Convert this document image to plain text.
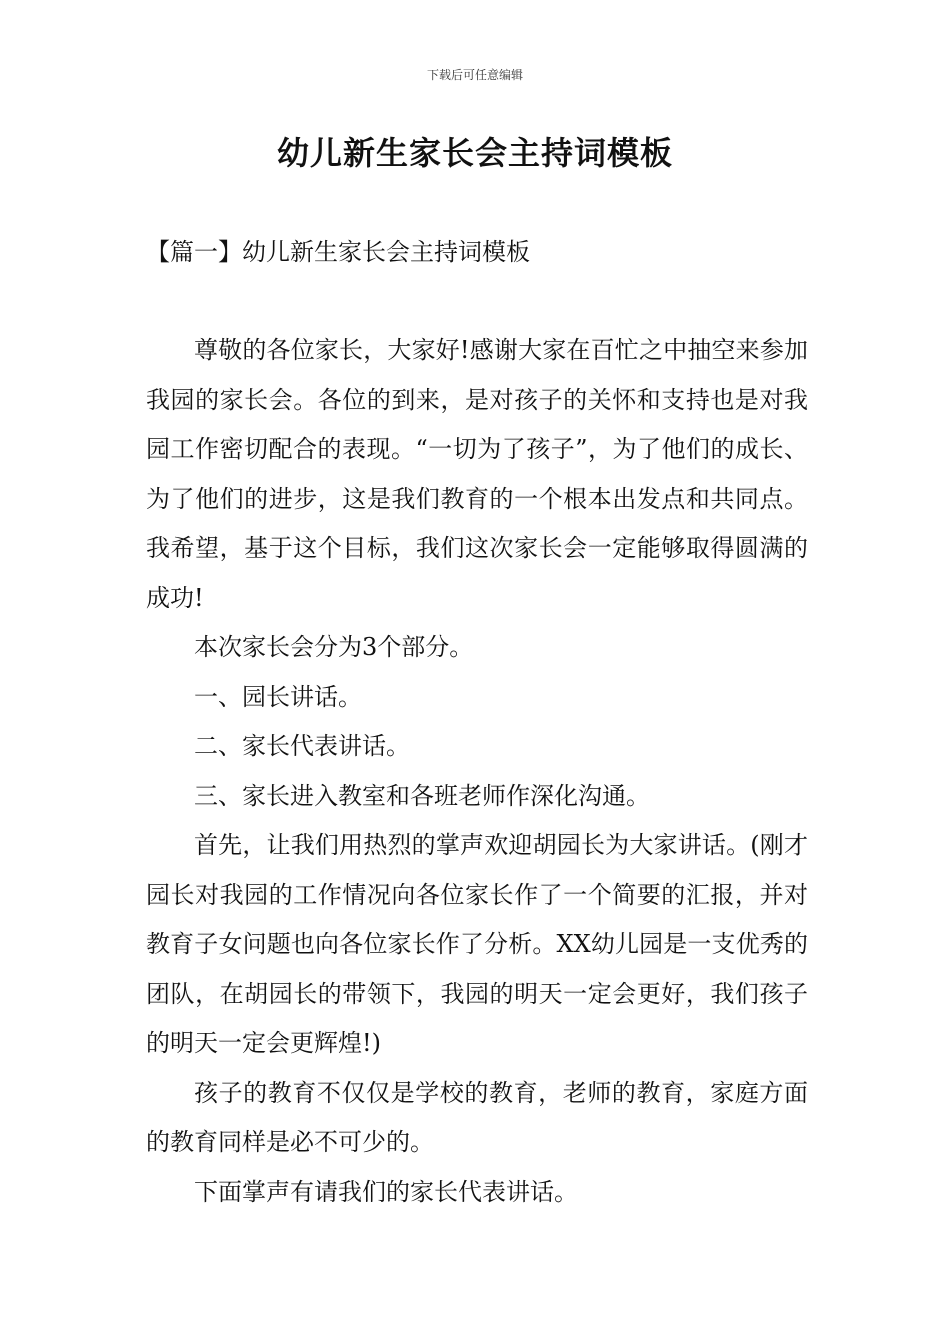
下载后可任意编辑
幼儿新生家长会主持词模板
【篇一】幼儿新生家长会主持词模板

尊敬的各位家长，大家好!感谢大家在百忙之中抽空来参加我园的家长会。各位的到来，是对孩子的关怀和支持也是对我园工作密切配合的表现。“一切为了孩子”，为了他们的成长、为了他们的进步，这是我们教育的一个根本出发点和共同点。我希望，基于这个目标，我们这次家长会一定能够取得圆满的成功!

本次家长会分为3个部分。

一、园长讲话。

二、家长代表讲话。

三、家长进入教室和各班老师作深化沟通。

首先，让我们用热烈的掌声欢迎胡园长为大家讲话。(刚才园长对我园的工作情况向各位家长作了一个简要的汇报，并对教育子女问题也向各位家长作了分析。XX幼儿园是一支优秀的团队，在胡园长的带领下，我园的明天一定会更好，我们孩子的明天一定会更辉煌!)

孩子的教育不仅仅是学校的教育，老师的教育，家庭方面的教育同样是必不可少的。

下面掌声有请我们的家长代表讲话。
